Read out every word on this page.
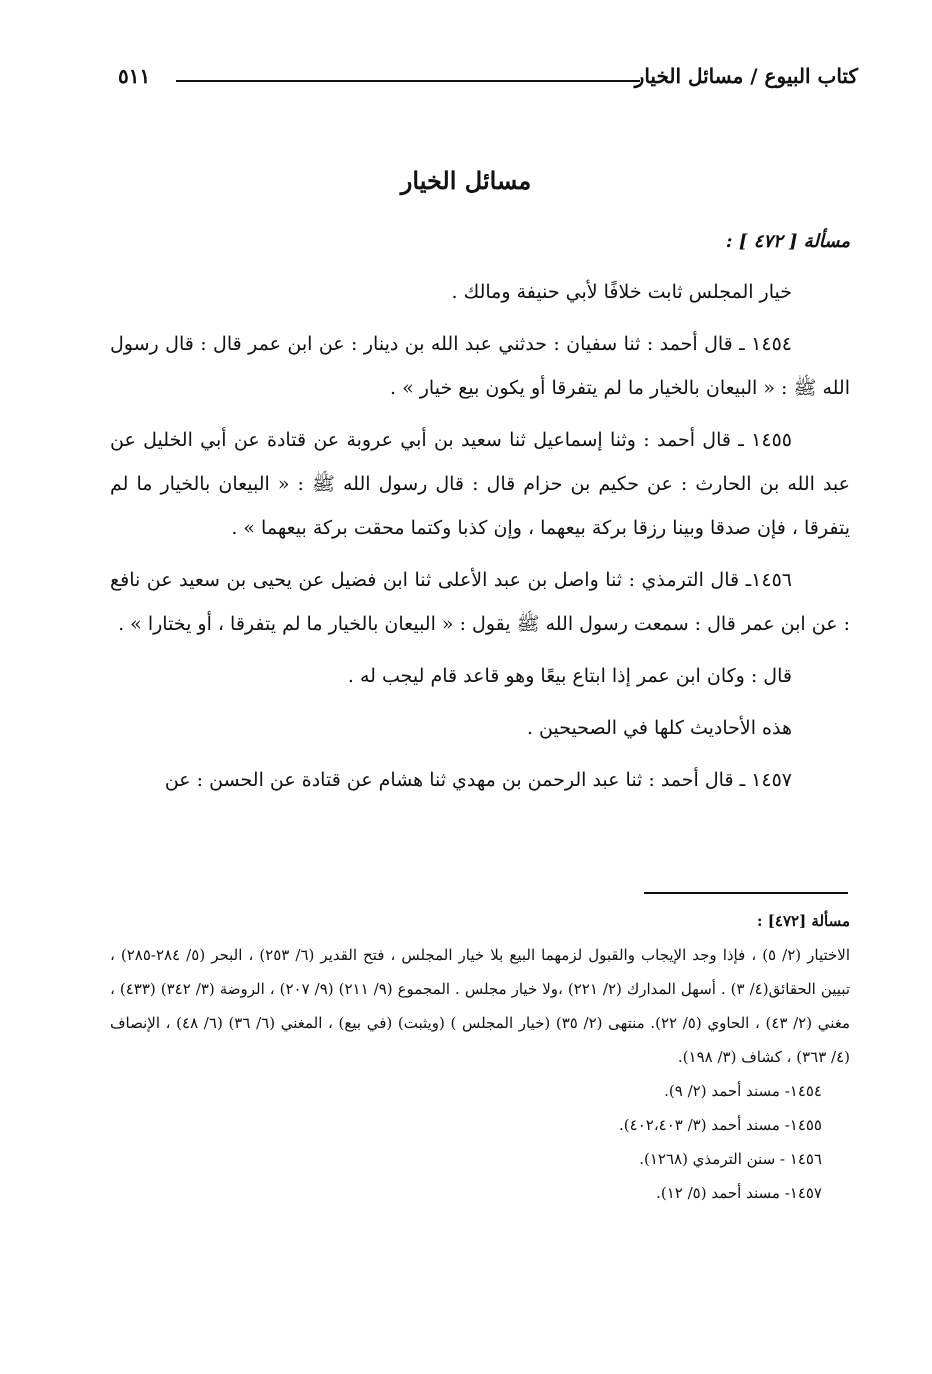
كتاب البيوع / مسائل الخيار
٥١١
مسائل الخيار

مسألة [ ٤٧٢ ] :

خيار المجلس ثابت خلافًا لأبي حنيفة ومالك .

١٤٥٤ ـ قال أحمد : ثنا سفيان : حدثني عبد الله بن دينار : عن ابن عمر قال : قال رسول الله ﷺ : « البيعان بالخيار ما لم يتفرقا أو يكون بيع خيار » .

١٤٥٥ ـ قال أحمد : وثنا إسماعيل ثنا سعيد بن أبي عروبة عن قتادة عن أبي الخليل عن عبد الله بن الحارث : عن حكيم بن حزام قال : قال رسول الله ﷺ : « البيعان بالخيار ما لم يتفرقا ، فإن صدقا وبينا رزقا بركة بيعهما ، وإن كذبا وكتما محقت بركة بيعهما » .

١٤٥٦ـ قال الترمذي : ثنا واصل بن عبد الأعلى ثنا ابن فضيل عن يحيى بن سعيد عن نافع : عن ابن عمر قال : سمعت رسول الله ﷺ يقول : « البيعان بالخيار ما لم يتفرقا ، أو يختارا » .

قال : وكان ابن عمر إذا ابتاع بيعًا وهو قاعد قام ليجب له .

هذه الأحاديث كلها في الصحيحين .

١٤٥٧ ـ قال أحمد : ثنا عبد الرحمن بن مهدي ثنا هشام عن قتادة عن الحسن : عن

مسألة [٤٧٢] :

الاختيار (٢/ ٥) ، فإذا وجد الإيجاب والقبول لزمهما البيع بلا خيار المجلس ، فتح القدير (٦/ ٢٥٣) ، البحر (٥/ ٢٨٤-٢٨٥) ، تبيين الحقائق(٤/ ٣) . أسهل المدارك (٢/ ٢٢١) ،ولا خيار مجلس . المجموع (٩/ ٢١١) (٩/ ٢٠٧) ، الروضة (٣/ ٣٤٢) (٤٣٣) ، مغني (٢/ ٤٣) ، الحاوي (٥/ ٢٢). منتهى (٢/ ٣٥) (خيار المجلس ) (ويثبت) (في بيع) ، المغني (٦/ ٣٦) (٦/ ٤٨) ، الإنصاف (٤/ ٣٦٣) ، كشاف (٣/ ١٩٨).

١٤٥٤- مسند أحمد (٢/ ٩).

١٤٥٥- مسند أحمد (٣/ ٤٠٢،٤٠٣).

١٤٥٦ - سنن الترمذي (١٢٦٨).

١٤٥٧- مسند أحمد (٥/ ١٢).
